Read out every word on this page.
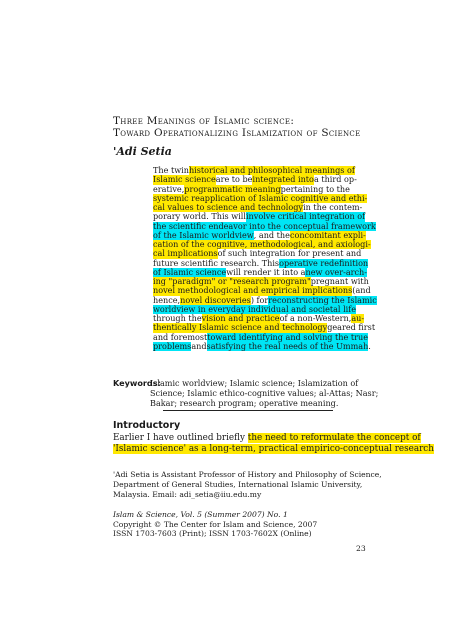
Three Meanings of Islamic science:
Toward Operationalizing Islamization of Science
'Adi Setia
The twin historical and philosophical meanings of
Islamic science are to be integrated into a third op-
erative, programmatic meaning pertaining to the
systemic reapplication of Islamic cognitive and ethi-
cal values to science and technology in the contem-
porary world. This will involve critical integration of
the scientific endeavor into the conceptual framework
of the Islamic worldview , and the concomitant expli-
cation of the cognitive, methodological, and axiologi-
cal implications of such integration for present and
future scientific research. This operative redefinition
of Islamic science will render it into a new over-arch-
ing "paradigm" or "research program" pregnant with
novel methodological and empirical implications (and
hence, novel discoveries ) for reconstructing the Islamic
worldview in everyday individual and societal life
through the vision and practice of a non-Western, au-
thentically Islamic science and technology geared first
and foremost toward identifying and solving the true
problems and satisfying the real needs of the Ummah .
Keywords:
Islamic worldview; Islamic science; Islamization of
Science; Islamic ethico-cognitive values; al-Attas; Nasr;
Bakar; research program; operative meaning.
Introductory
Earlier I have outlined briefly the need to reformulate the concept of
'Islamic science' as a long-term, practical empirico-conceptual research
'Adi Setia is Assistant Professor of History and Philosophy of Science,
Department of General Studies, International Islamic University,
Malaysia. Email: adi_setia@iiu.edu.my
Islam & Science, Vol. 5 (Summer 2007) No. 1
Copyright © The Center for Islam and Science, 2007
ISSN 1703-7603 (Print); ISSN 1703-7602X (Online)
23
